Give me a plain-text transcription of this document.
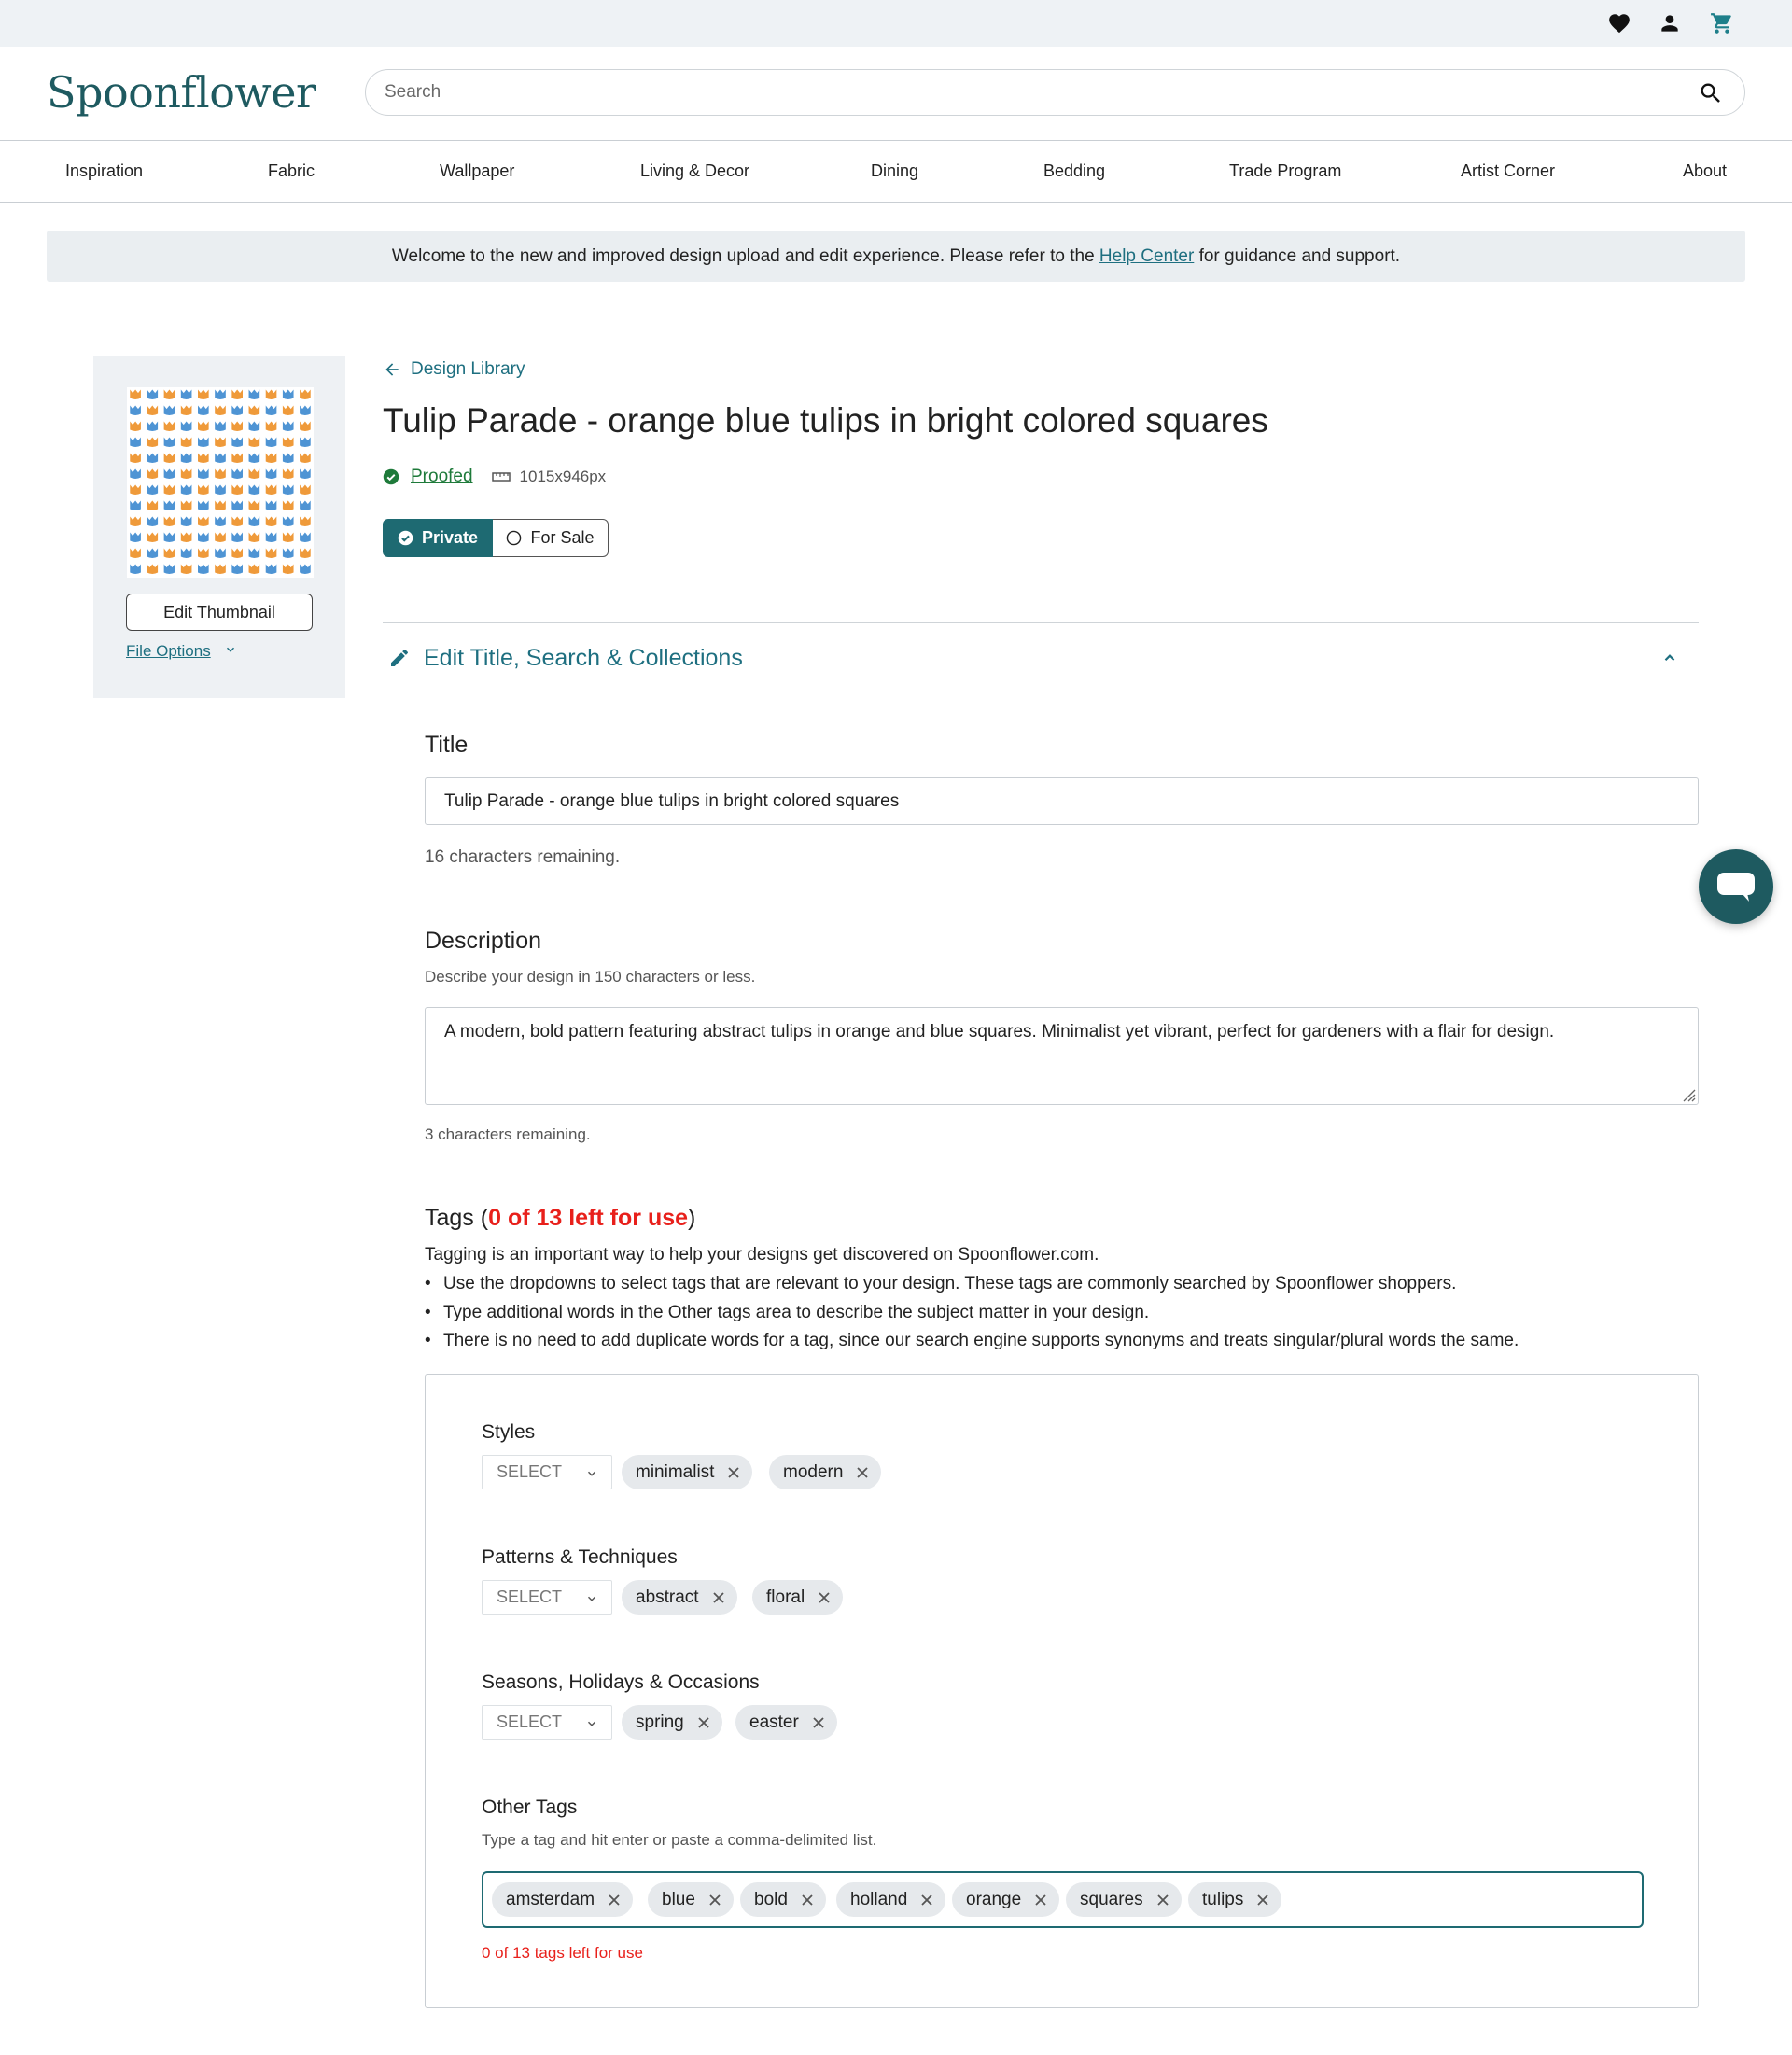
Spoonflower
Search
Inspiration	Fabric	Wallpaper	Living & Decor	Dining	Bedding	Trade Program	Artist Corner	About
Welcome to the new and improved design upload and edit experience. Please refer to the Help Center for guidance and support.
Edit Thumbnail
File Options
Design Library
Tulip Parade - orange blue tulips in bright colored squares
Proofed	1015x946px
Private	For Sale
Edit Title, Search & Collections
Title
Tulip Parade - orange blue tulips in bright colored squares
16 characters remaining.
Description
Describe your design in 150 characters or less.
A modern, bold pattern featuring abstract tulips in orange and blue squares. Minimalist yet vibrant, perfect for gardeners with a flair for design.
3 characters remaining.
Tags (0 of 13 left for use)
Tagging is an important way to help your designs get discovered on Spoonflower.com.
• Use the dropdowns to select tags that are relevant to your design. These tags are commonly searched by Spoonflower shoppers.
• Type additional words in the Other tags area to describe the subject matter in your design.
• There is no need to add duplicate words for a tag, since our search engine supports synonyms and treats singular/plural words the same.
Styles
SELECT	minimalist	modern
Patterns & Techniques
SELECT	abstract	floral
Seasons, Holidays & Occasions
SELECT	spring	easter
Other Tags
Type a tag and hit enter or paste a comma-delimited list.
amsterdam	blue	bold	holland	orange	squares	tulips
0 of 13 tags left for use
